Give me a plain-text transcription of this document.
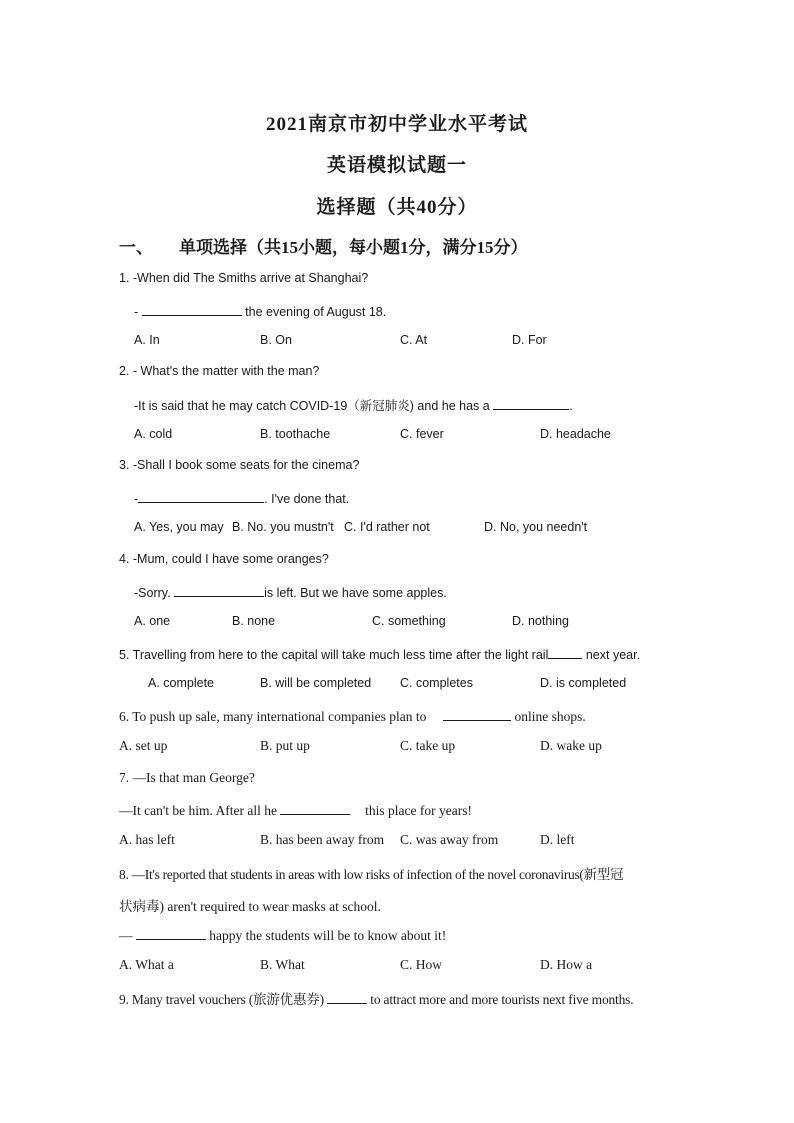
2021南京市初中学业水平考试
英语模拟试题一
选择题（共40分）
一、 单项选择（共15小题，每小题1分，满分15分）
1. -When did The Smiths arrive at Shanghai?
-	the evening of August 18.
A. In	B. On	C. At	D. For
2. - What's the matter with the man?
-It is said that he may catch COVID-19（新冠肺炎) and he has a	.
A. cold	B. toothache	C. fever	D. headache
3. -Shall I book some seats for the cinema?
-	. I've done that.
A. Yes, you may B. No. you mustn't C. I'd rather not	D. No, you needn't
4. -Mum, could I have some oranges?
-Sorry.	is left. But we have some apples.
A. one	B. none	C. something	D. nothing
5. Travelling from here to the capital will take much less time after the light rail	next year.
A. complete	B. will be completed C. completes	D. is completed
6. To push up sale, many international companies plan to	online shops.
A. set up	B. put up	C. take up	D. wake up
7. —Is that man George?
—It can't be him. After all he	this place for years!
A. has left	B. has been away from C. was away from	D. left
8. —It's reported that students in areas with low risks of infection of the novel coronavirus(新型冠
状病毒) aren't required to wear masks at school.
—	happy the students will be to know about it!
A. What a	B. What	C. How	D. How a
9. Many travel vouchers (旅游优惠券)	to attract more and more tourists next five months.
